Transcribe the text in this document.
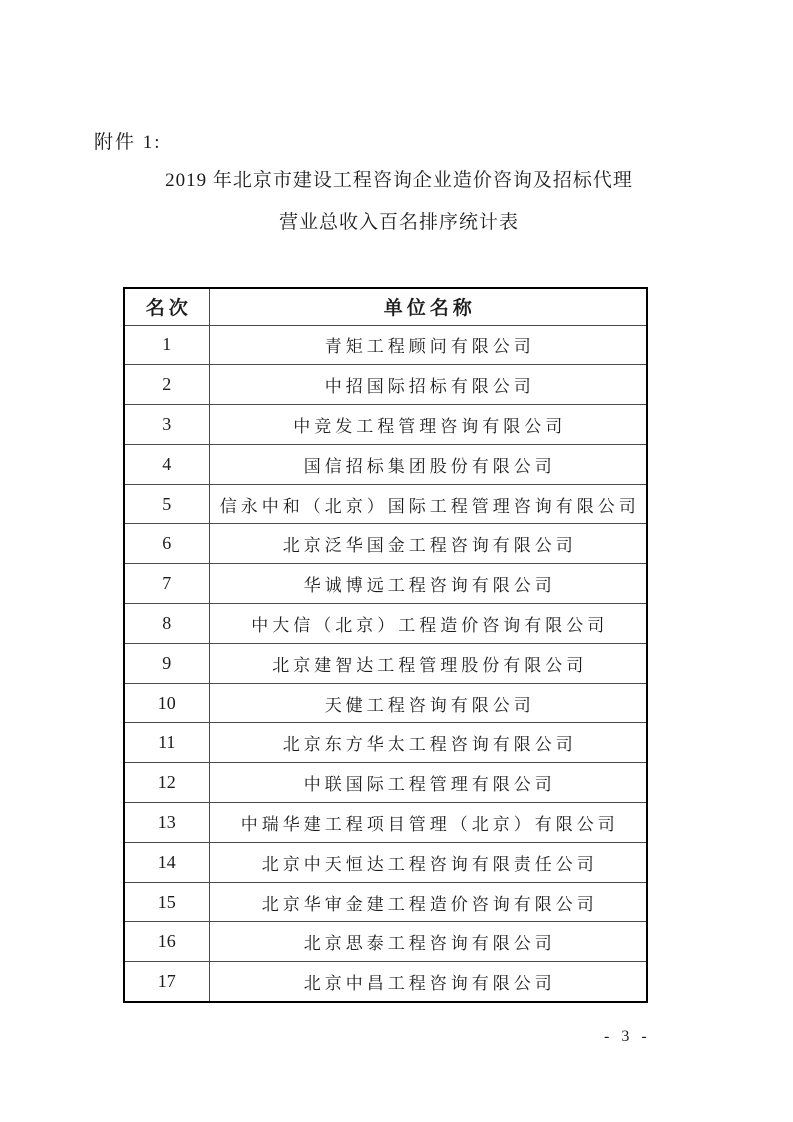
附件 1:
2019 年北京市建设工程咨询企业造价咨询及招标代理
营业总收入百名排序统计表
名次	单位名称
1	青矩工程顾问有限公司
2	中招国际招标有限公司
3	中竞发工程管理咨询有限公司
4	国信招标集团股份有限公司
5	信永中和（北京）国际工程管理咨询有限公司
6	北京泛华国金工程咨询有限公司
7	华诚博远工程咨询有限公司
8	中大信（北京）工程造价咨询有限公司
9	北京建智达工程管理股份有限公司
10	天健工程咨询有限公司
11	北京东方华太工程咨询有限公司
12	中联国际工程管理有限公司
13	中瑞华建工程项目管理（北京）有限公司
14	北京中天恒达工程咨询有限责任公司
15	北京华审金建工程造价咨询有限公司
16	北京思泰工程咨询有限公司
17	北京中昌工程咨询有限公司
- 3 -
